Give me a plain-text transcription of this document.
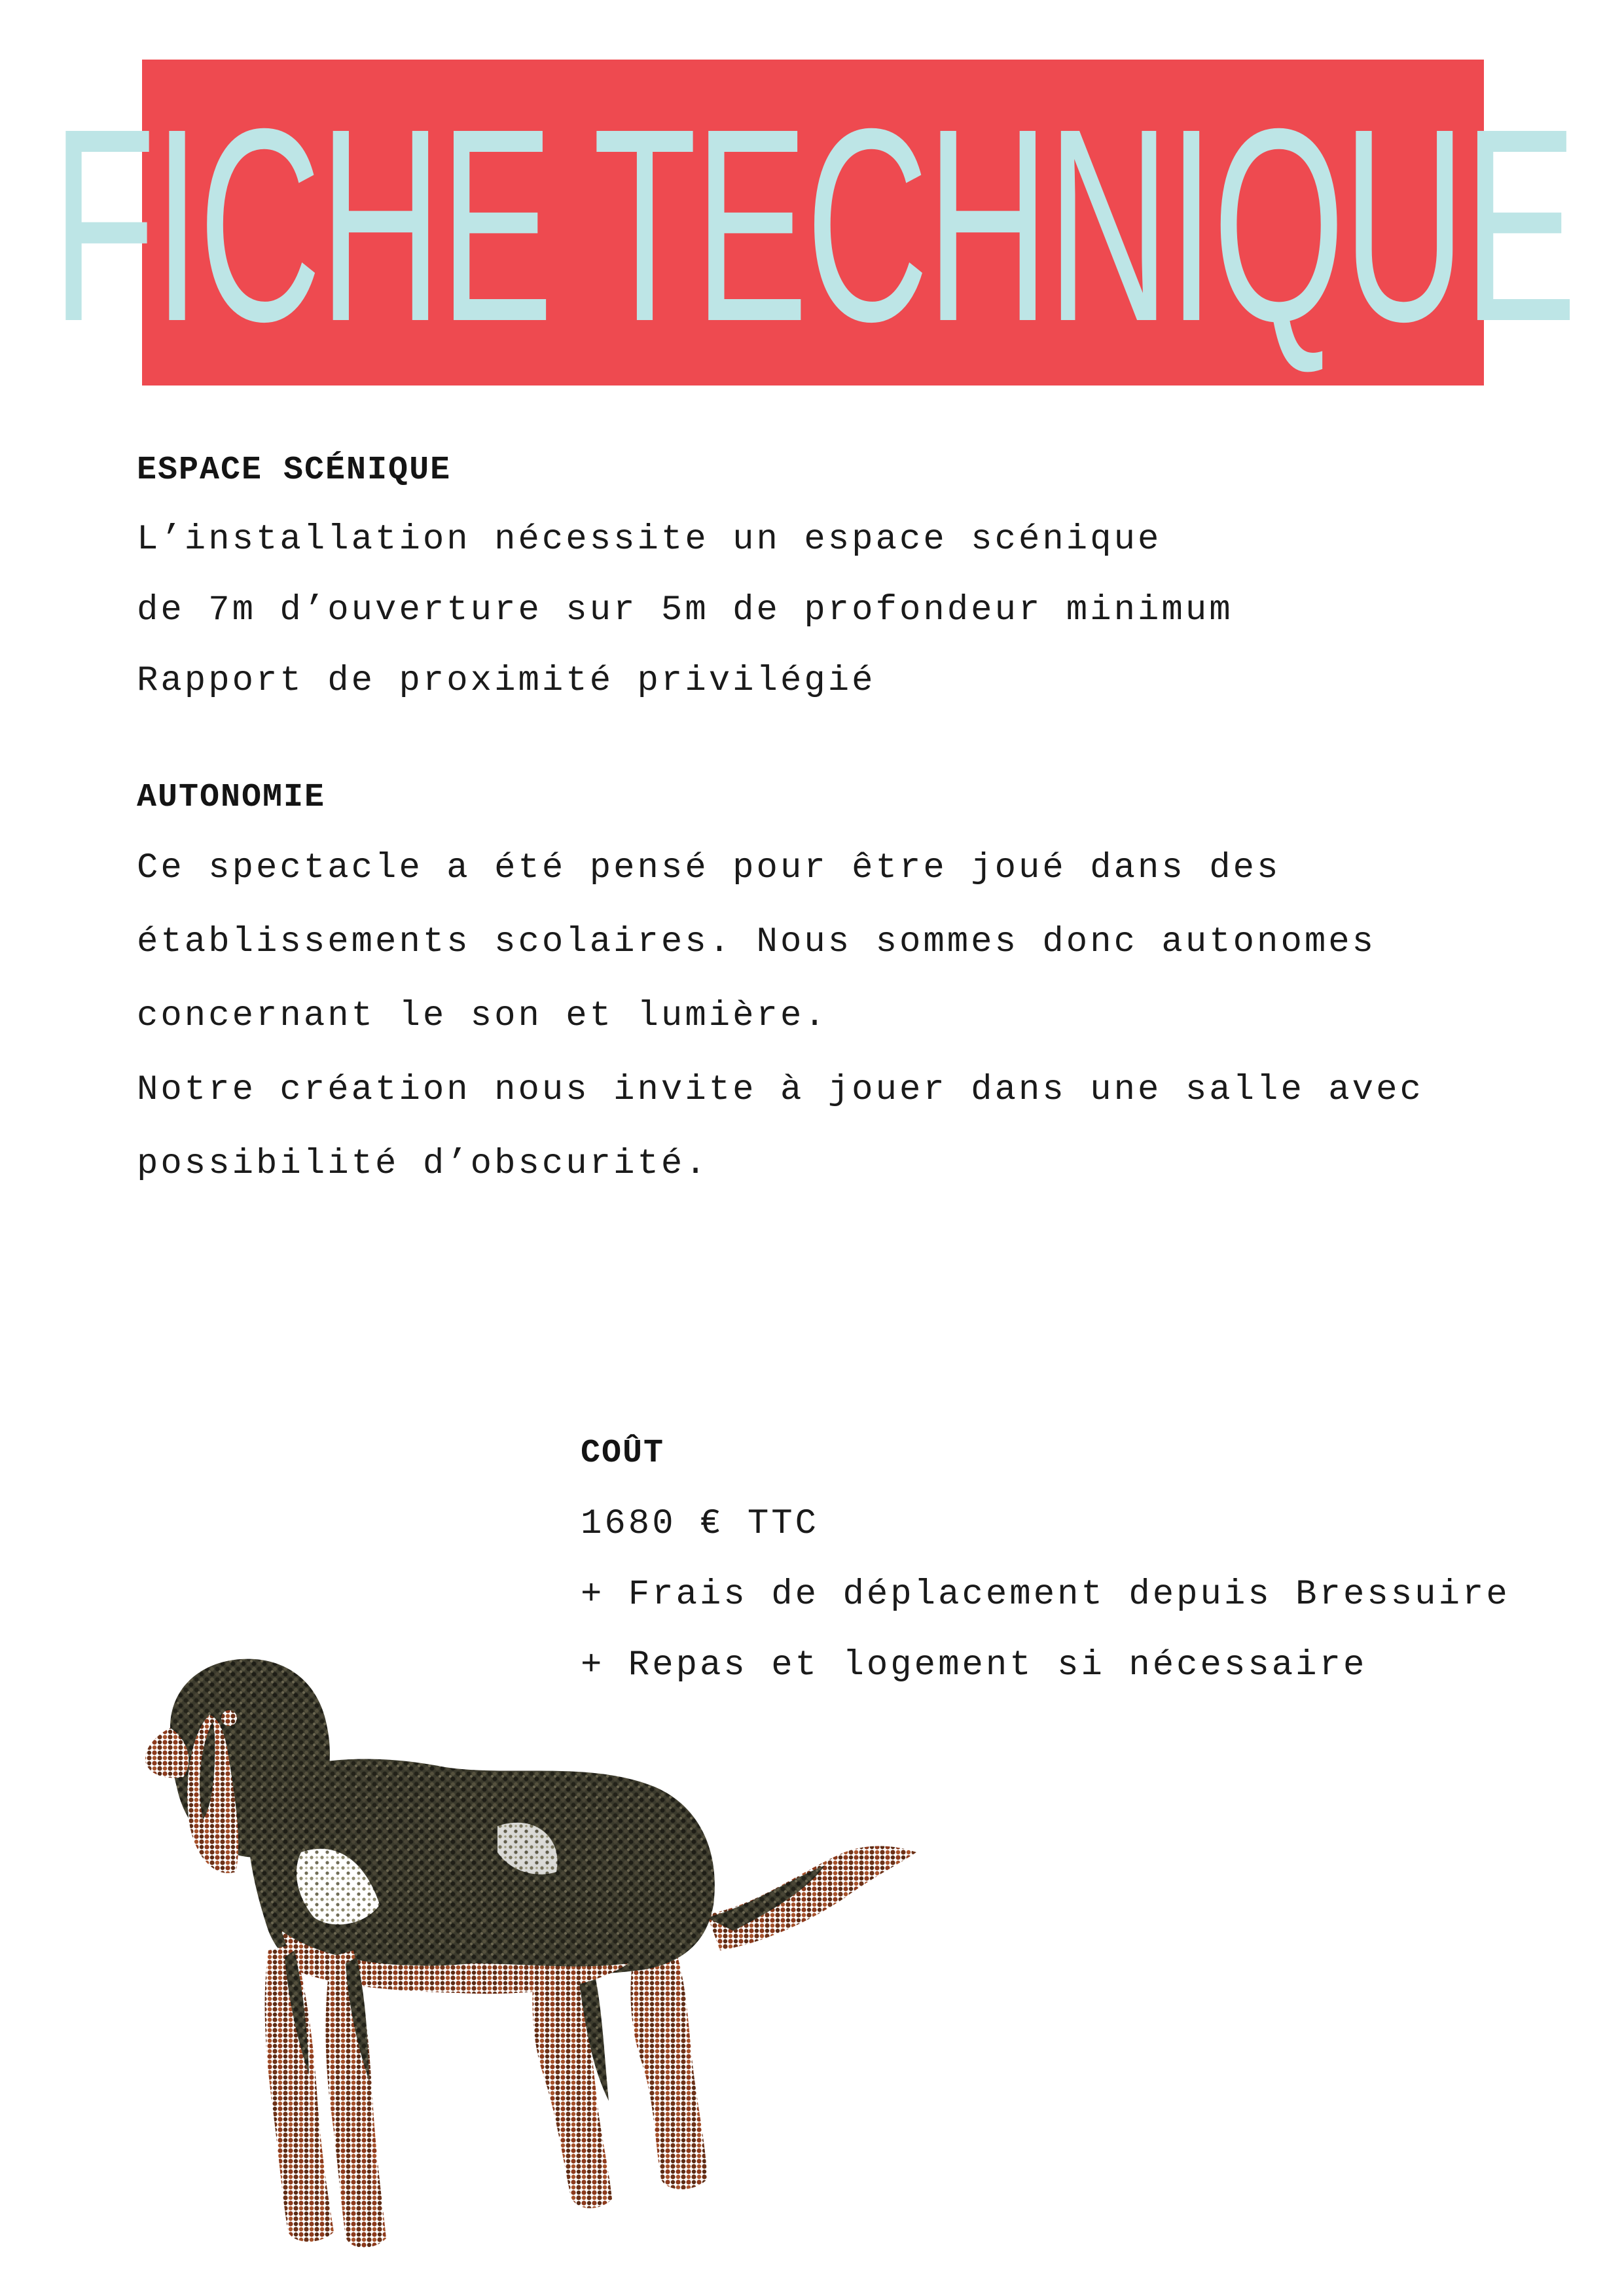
FICHE TECHNIQUE
ESPACE SCÉNIQUE
L’installation nécessite un espace scénique
de 7m d’ouverture sur 5m de profondeur minimum
Rapport de proximité privilégié
AUTONOMIE
Ce spectacle a été pensé pour être joué dans des
établissements scolaires. Nous sommes donc autonomes
concernant le son et lumière.
Notre création nous invite à jouer dans une salle avec
possibilité d’obscurité.
COÛT
1680 € TTC
+ Frais de déplacement depuis Bressuire
+ Repas et logement si nécessaire
